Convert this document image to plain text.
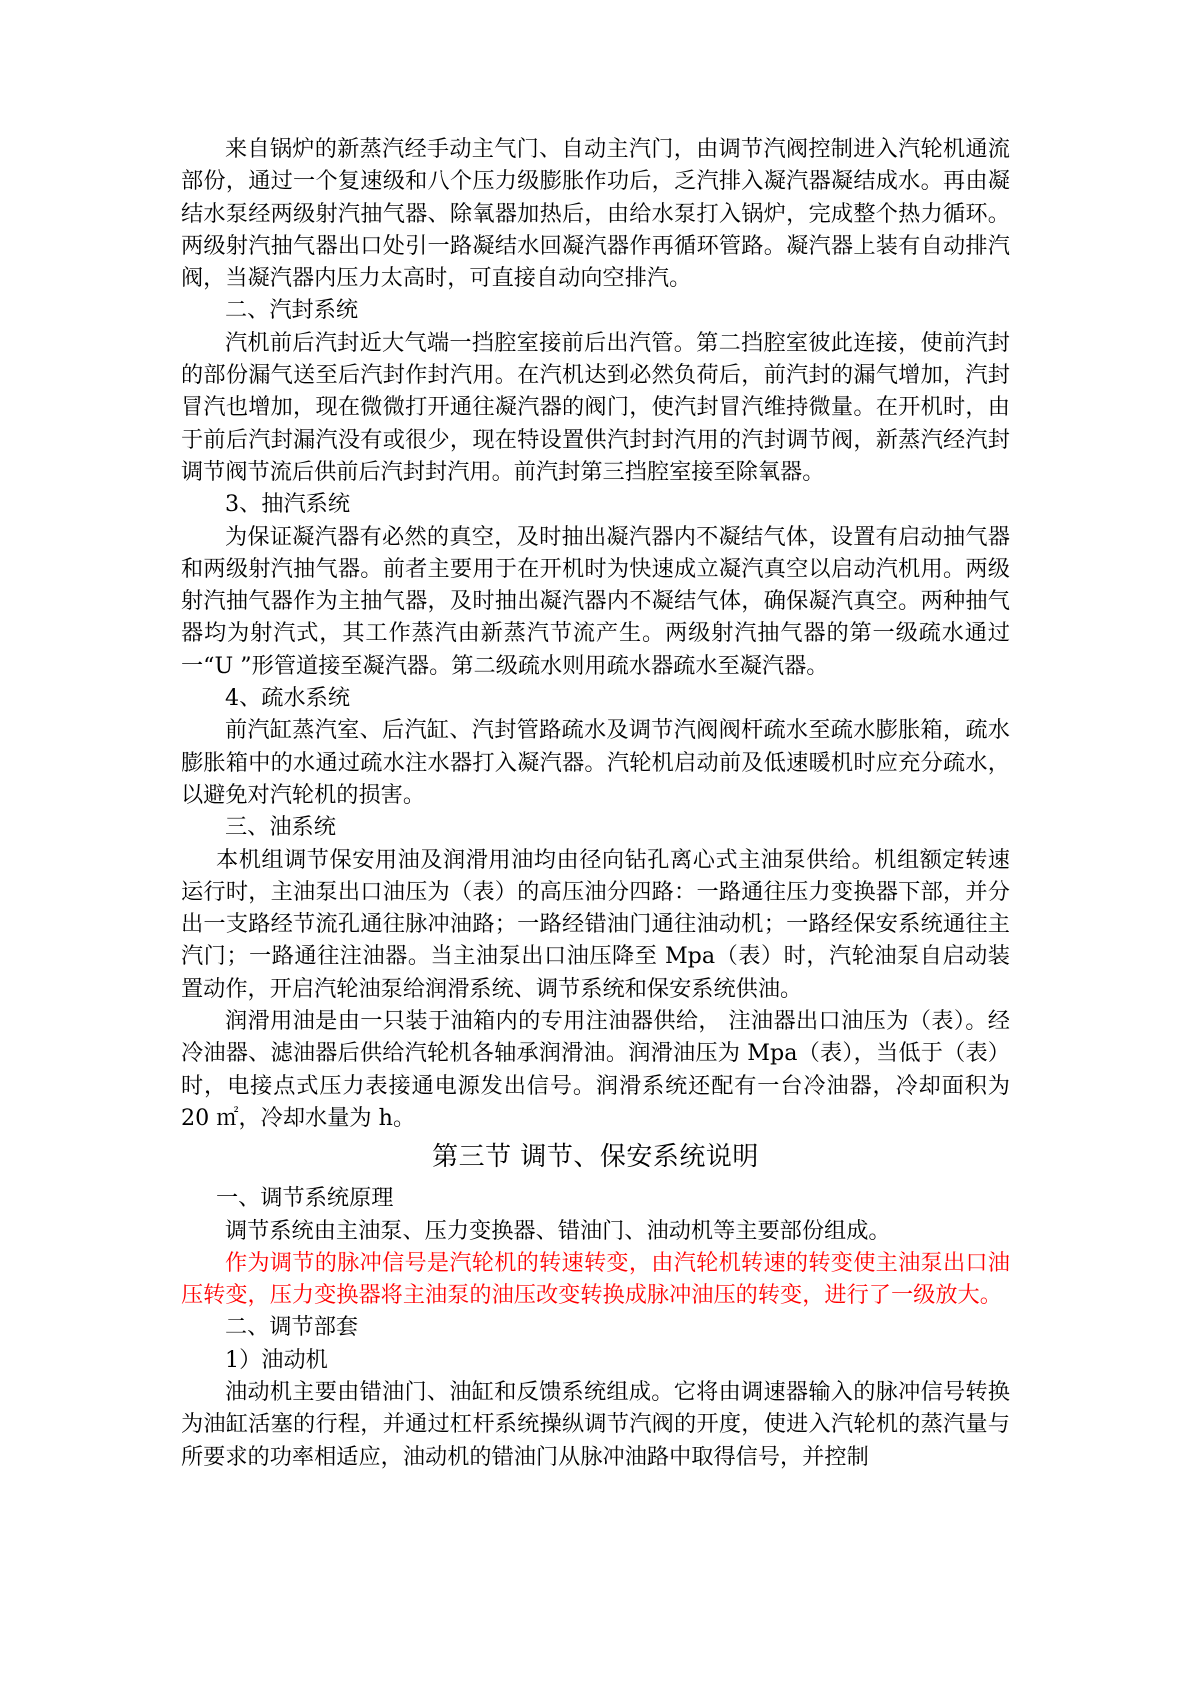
来自锅炉的新蒸汽经手动主气门、自动主汽门，由调节汽阀控制进入汽轮机通流部份，通过一个复速级和八个压力级膨胀作功后，乏汽排入凝汽器凝结成水。再由凝结水泵经两级射汽抽气器、除氧器加热后，由给水泵打入锅炉，完成整个热力循环。两级射汽抽气器出口处引一路凝结水回凝汽器作再循环管路。凝汽器上装有自动排汽阀，当凝汽器内压力太高时，可直接自动向空排汽。

二、汽封系统

汽机前后汽封近大气端一挡腔室接前后出汽管。第二挡腔室彼此连接，使前汽封的部份漏气送至后汽封作封汽用。在汽机达到必然负荷后，前汽封的漏气增加，汽封冒汽也增加，现在微微打开通往凝汽器的阀门，使汽封冒汽维持微量。在开机时，由于前后汽封漏汽没有或很少，现在特设置供汽封封汽用的汽封调节阀，新蒸汽经汽封调节阀节流后供前后汽封封汽用。前汽封第三挡腔室接至除氧器。

3、抽汽系统

为保证凝汽器有必然的真空，及时抽出凝汽器内不凝结气体，设置有启动抽气器和两级射汽抽气器。前者主要用于在开机时为快速成立凝汽真空以启动汽机用。两级射汽抽气器作为主抽气器，及时抽出凝汽器内不凝结气体，确保凝汽真空。两种抽气器均为射汽式，其工作蒸汽由新蒸汽节流产生。两级射汽抽气器的第一级疏水通过一“U ”形管道接至凝汽器。第二级疏水则用疏水器疏水至凝汽器。

4、疏水系统

前汽缸蒸汽室、后汽缸、汽封管路疏水及调节汽阀阀杆疏水至疏水膨胀箱，疏水膨胀箱中的水通过疏水注水器打入凝汽器。汽轮机启动前及低速暖机时应充分疏水，以避免对汽轮机的损害。

三、油系统

本机组调节保安用油及润滑用油均由径向钻孔离心式主油泵供给。机组额定转速运行时，主油泵出口油压为（表）的高压油分四路：一路通往压力变换器下部，并分出一支路经节流孔通往脉冲油路；一路经错油门通往油动机；一路经保安系统通往主汽门；一路通往注油器。当主油泵出口油压降至 Mpa（表）时，汽轮油泵自启动装置动作，开启汽轮油泵给润滑系统、调节系统和保安系统供油。

润滑用油是由一只装于油箱内的专用注油器供给， 注油器出口油压为（表）。经冷油器、滤油器后供给汽轮机各轴承润滑油。润滑油压为 Mpa（表），当低于（表）时，电接点式压力表接通电源发出信号。润滑系统还配有一台冷油器，冷却面积为 20 ㎡，冷却水量为 h。

第三节 调节、保安系统说明

一、调节系统原理

调节系统由主油泵、压力变换器、错油门、油动机等主要部份组成。

作为调节的脉冲信号是汽轮机的转速转变，由汽轮机转速的转变使主油泵出口油压转变，压力变换器将主油泵的油压改变转换成脉冲油压的转变，进行了一级放大。

二、调节部套

1）油动机

油动机主要由错油门、油缸和反馈系统组成。它将由调速器输入的脉冲信号转换为油缸活塞的行程，并通过杠杆系统操纵调节汽阀的开度，使进入汽轮机的蒸汽量与所要求的功率相适应，油动机的错油门从脉冲油路中取得信号，并控制
